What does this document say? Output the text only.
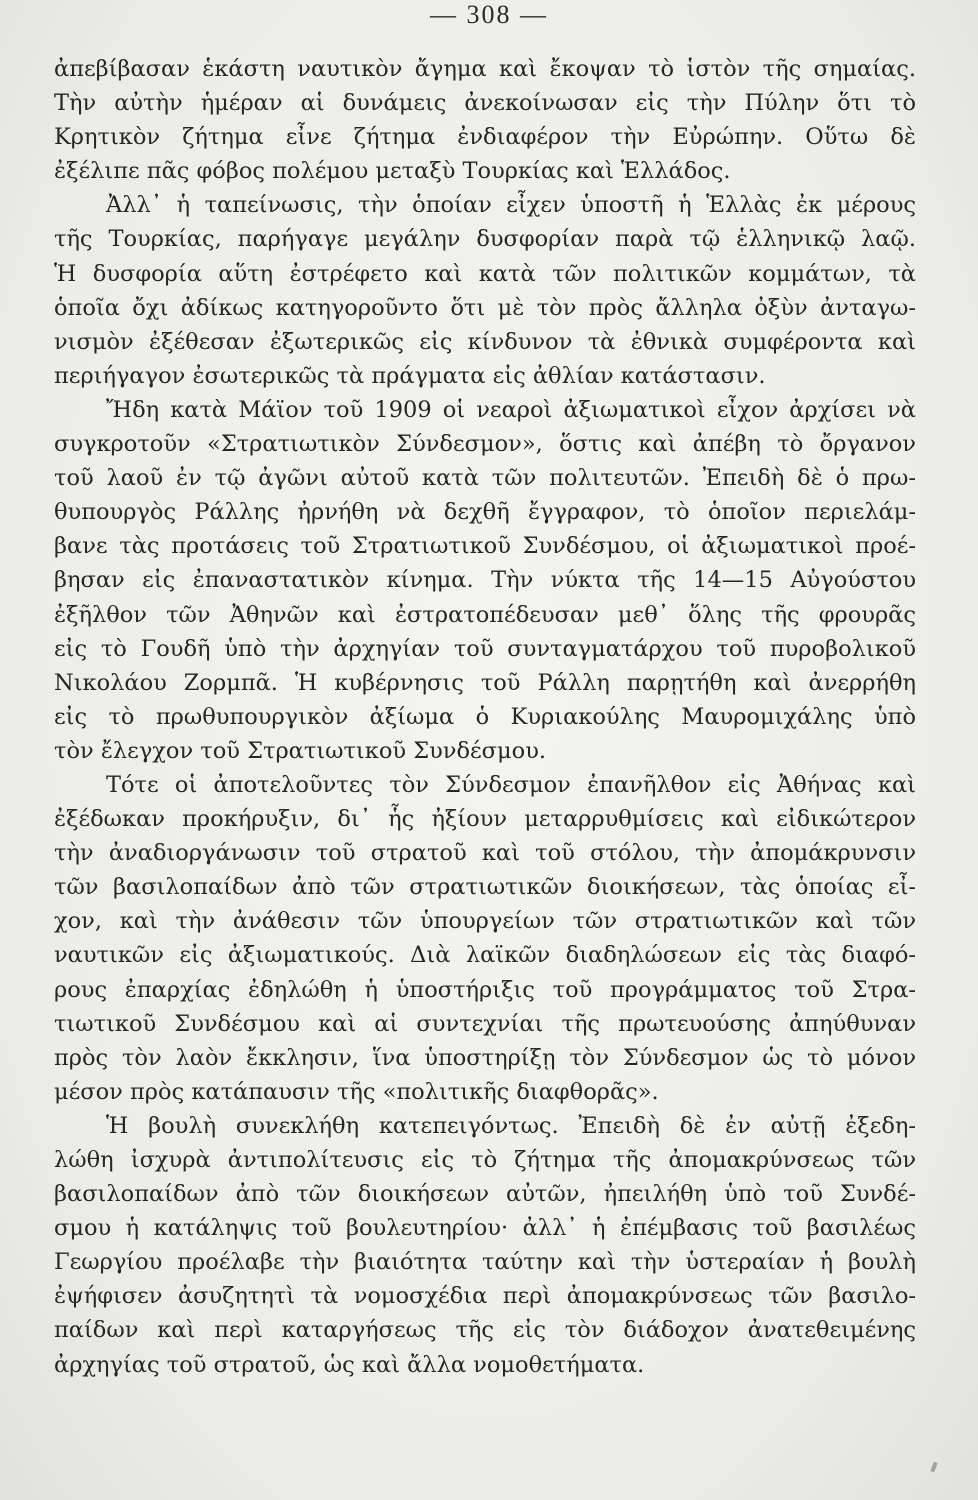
— 308 —
ἀπεβίβασαν ἑκάστη ναυτικὸν ἄγημα καὶ ἔκοψαν τὸ ἱστὸν τῆς σημαίας.
Τὴν αὐτὴν ἡμέραν αἱ δυνάμεις ἀνεκοίνωσαν εἰς τὴν Πύλην ὅτι τὸ
Κρητικὸν ζήτημα εἶνε ζήτημα ἐνδιαφέρον τὴν Εὐρώπην. Οὕτω δὲ
ἐξέλιπε πᾶς φόβος πολέμου μεταξὺ Τουρκίας καὶ Ἑλλάδος.
Ἀλλ᾽ ἡ ταπείνωσις, τὴν ὁποίαν εἶχεν ὑποστῆ ἡ Ἑλλὰς ἐκ μέρους
τῆς Τουρκίας, παρήγαγε μεγάλην δυσφορίαν παρὰ τῷ ἑλληνικῷ λαῷ.
Ἡ δυσφορία αὕτη ἐστρέφετο καὶ κατὰ τῶν πολιτικῶν κομμάτων, τὰ
ὁποῖα ὄχι ἀδίκως κατηγοροῦντο ὅτι μὲ τὸν πρὸς ἄλληλα ὀξὺν ἀνταγω-
νισμὸν ἐξέθεσαν ἐξωτερικῶς εἰς κίνδυνον τὰ ἐθνικὰ συμφέροντα καὶ
περιήγαγον ἐσωτερικῶς τὰ πράγματα εἰς ἀθλίαν κατάστασιν.
Ἤδη κατὰ Μάϊον τοῦ 1909 οἱ νεαροὶ ἀξιωματικοὶ εἶχον ἀρχίσει νὰ
συγκροτοῦν «Στρατιωτικὸν Σύνδεσμον», ὅστις καὶ ἀπέβη τὸ ὄργανον
τοῦ λαοῦ ἐν τῷ ἀγῶνι αὐτοῦ κατὰ τῶν πολιτευτῶν. Ἐπειδὴ δὲ ὁ πρω-
θυπουργὸς Ράλλης ἠρνήθη νὰ δεχθῆ ἔγγραφον, τὸ ὁποῖον περιελάμ-
βανε τὰς προτάσεις τοῦ Στρατιωτικοῦ Συνδέσμου, οἱ ἀξιωματικοὶ προέ-
βησαν εἰς ἐπαναστατικὸν κίνημα. Τὴν νύκτα τῆς 14—15 Αὐγούστου
ἐξῆλθον τῶν Ἀθηνῶν καὶ ἐστρατοπέδευσαν μεθ᾽ ὅλης τῆς φρουρᾶς
εἰς τὸ Γουδῆ ὑπὸ τὴν ἀρχηγίαν τοῦ συνταγματάρχου τοῦ πυροβολικοῦ
Νικολάου Ζορμπᾶ. Ἡ κυβέρνησις τοῦ Ράλλη παρῃτήθη καὶ ἀνερρήθη
εἰς τὸ πρωθυπουργικὸν ἀξίωμα ὁ Κυριακούλης Μαυρομιχάλης ὑπὸ
τὸν ἔλεγχον τοῦ Στρατιωτικοῦ Συνδέσμου.
Τότε οἱ ἀποτελοῦντες τὸν Σύνδεσμον ἐπανῆλθον εἰς Ἀθήνας καὶ
ἐξέδωκαν προκήρυξιν, δι᾽ ἧς ἠξίουν μεταρρυθμίσεις καὶ εἰδικώτερον
τὴν ἀναδιοργάνωσιν τοῦ στρατοῦ καὶ τοῦ στόλου, τὴν ἀπομάκρυνσιν
τῶν βασιλοπαίδων ἀπὸ τῶν στρατιωτικῶν διοικήσεων, τὰς ὁποίας εἶ-
χον, καὶ τὴν ἀνάθεσιν τῶν ὑπουργείων τῶν στρατιωτικῶν καὶ τῶν
ναυτικῶν εἰς ἀξιωματικούς. Διὰ λαϊκῶν διαδηλώσεων εἰς τὰς διαφό-
ρους ἐπαρχίας ἐδηλώθη ἡ ὑποστήριξις τοῦ προγράμματος τοῦ Στρα-
τιωτικοῦ Συνδέσμου καὶ αἱ συντεχνίαι τῆς πρωτευούσης ἀπηύθυναν
πρὸς τὸν λαὸν ἔκκλησιν, ἵνα ὑποστηρίξῃ τὸν Σύνδεσμον ὡς τὸ μόνον
μέσον πρὸς κατάπαυσιν τῆς «πολιτικῆς διαφθορᾶς».
Ἡ βουλὴ συνεκλήθη κατεπειγόντως. Ἐπειδὴ δὲ ἐν αὐτῇ ἐξεδη-
λώθη ἰσχυρὰ ἀντιπολίτευσις εἰς τὸ ζήτημα τῆς ἀπομακρύνσεως τῶν
βασιλοπαίδων ἀπὸ τῶν διοικήσεων αὐτῶν, ἠπειλήθη ὑπὸ τοῦ Συνδέ-
σμου ἡ κατάληψις τοῦ βουλευτηρίου· ἀλλ᾽ ἡ ἐπέμβασις τοῦ βασιλέως
Γεωργίου προέλαβε τὴν βιαιότητα ταύτην καὶ τὴν ὑστεραίαν ἡ βουλὴ
ἐψήφισεν ἀσυζητητὶ τὰ νομοσχέδια περὶ ἀπομακρύνσεως τῶν βασιλο-
παίδων καὶ περὶ καταργήσεως τῆς εἰς τὸν διάδοχον ἀνατεθειμένης
ἀρχηγίας τοῦ στρατοῦ, ὡς καὶ ἄλλα νομοθετήματα.
